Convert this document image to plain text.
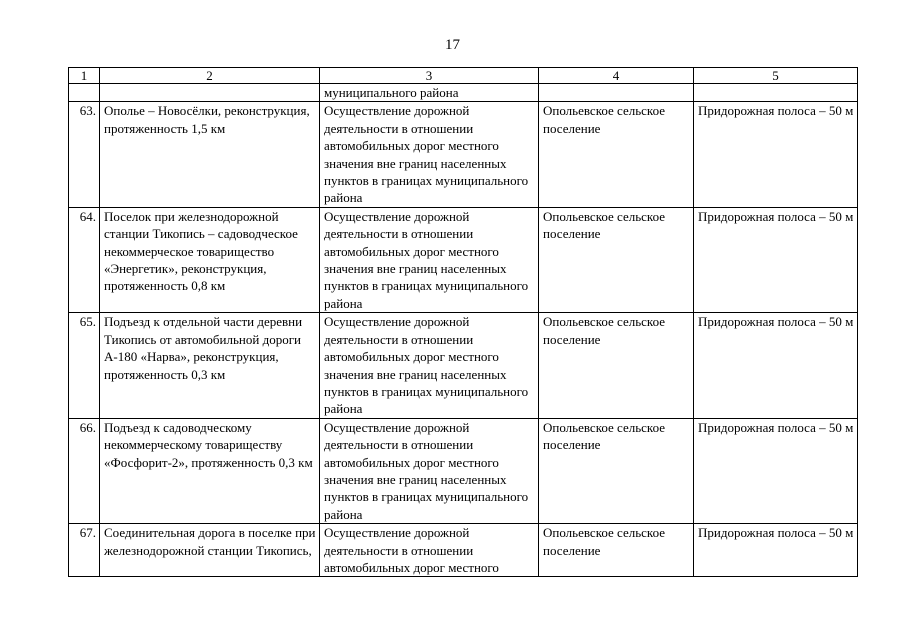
17
1	2	3	4	5
		муниципального района		
63.	Ополье – Новосёлки, реконструкция, протяженность 1,5 км	Осуществление дорожной деятельности в отношении автомобильных дорог местного значения вне границ населенных пунктов в границах муниципального района	Опольевское сельское поселение	Придорожная полоса – 50 м
64.	Поселок при железнодорожной станции Тикопись – садоводческое некоммерческое товарищество «Энергетик», реконструкция, протяженность 0,8 км	Осуществление дорожной деятельности в отношении автомобильных дорог местного значения вне границ населенных пунктов в границах муниципального района	Опольевское сельское поселение	Придорожная полоса – 50 м
65.	Подъезд к отдельной части деревни Тикопись от автомобильной дороги А-180 «Нарва», реконструкция, протяженность 0,3 км	Осуществление дорожной деятельности в отношении автомобильных дорог местного значения вне границ населенных пунктов в границах муниципального района	Опольевское сельское поселение	Придорожная полоса – 50 м
66.	Подъезд к садоводческому некоммерческому товариществу «Фосфорит-2», протяженность 0,3 км	Осуществление дорожной деятельности в отношении автомобильных дорог местного значения вне границ населенных пунктов в границах муниципального района	Опольевское сельское поселение	Придорожная полоса – 50 м
67.	Соединительная дорога в поселке при железнодорожной станции Тикопись,	Осуществление дорожной деятельности в отношении автомобильных дорог местного	Опольевское сельское поселение	Придорожная полоса – 50 м
